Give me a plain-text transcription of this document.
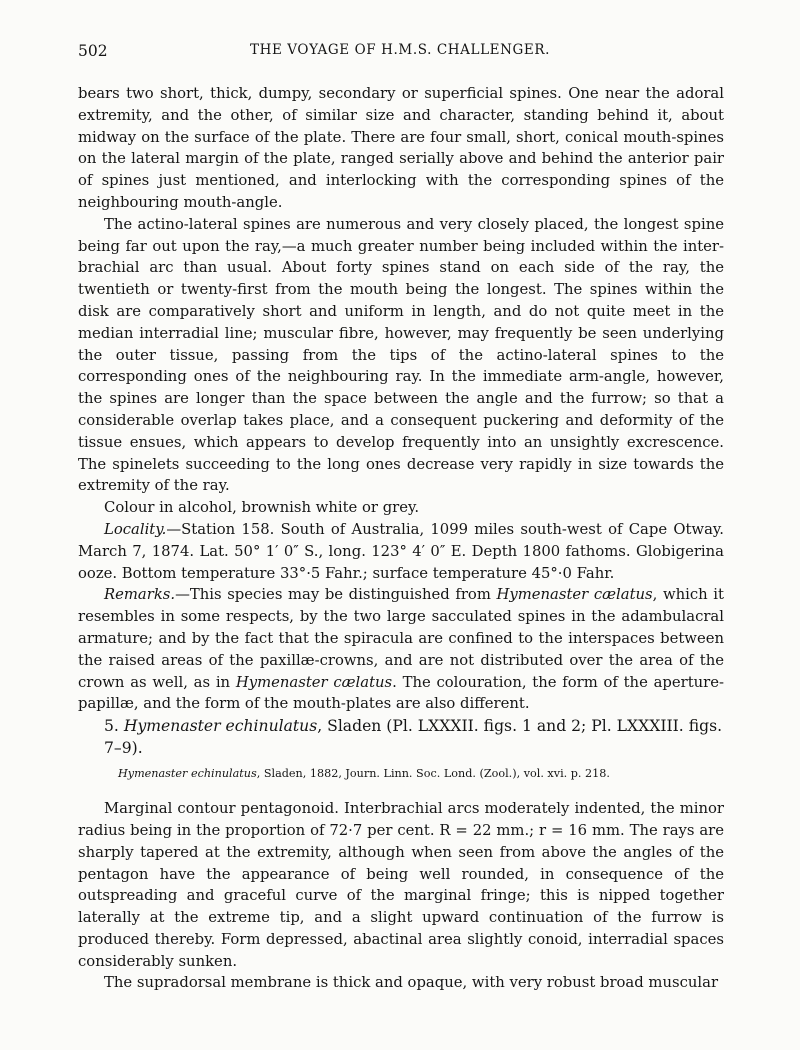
502	THE VOYAGE OF H.M.S. CHALLENGER.

bears two short, thick, dumpy, secondary or superficial spines. One near the adoral extremity, and the other, of similar size and character, standing behind it, about midway on the surface of the plate. There are four small, short, conical mouth-spines on the lateral margin of the plate, ranged serially above and behind the anterior pair of spines just mentioned, and interlocking with the corresponding spines of the neighbouring mouth-angle.

The actino-lateral spines are numerous and very closely placed, the longest spine being far out upon the ray,—a much greater number being included within the inter-brachial arc than usual. About forty spines stand on each side of the ray, the twentieth or twenty-first from the mouth being the longest. The spines within the disk are comparatively short and uniform in length, and do not quite meet in the median interradial line; muscular fibre, however, may frequently be seen underlying the outer tissue, passing from the tips of the actino-lateral spines to the corresponding ones of the neighbouring ray. In the immediate arm-angle, however, the spines are longer than the space between the angle and the furrow; so that a considerable overlap takes place, and a consequent puckering and deformity of the tissue ensues, which appears to develop frequently into an unsightly excrescence. The spinelets succeeding to the long ones decrease very rapidly in size towards the extremity of the ray.

Colour in alcohol, brownish white or grey.

Locality.—Station 158. South of Australia, 1099 miles south-west of Cape Otway. March 7, 1874. Lat. 50° 1′ 0″ S., long. 123° 4′ 0″ E. Depth 1800 fathoms. Globigerina ooze. Bottom temperature 33°·5 Fahr.; surface temperature 45°·0 Fahr.

Remarks.—This species may be distinguished from Hymenaster cælatus, which it resembles in some respects, by the two large sacculated spines in the adambulacral armature; and by the fact that the spiracula are confined to the interspaces between the raised areas of the paxillæ-crowns, and are not distributed over the area of the crown as well, as in Hymenaster cælatus. The colouration, the form of the aperture-papillæ, and the form of the mouth-plates are also different.

5. Hymenaster echinulatus, Sladen (Pl. LXXXII. figs. 1 and 2; Pl. LXXXIII. figs. 7–9).
Hymenaster echinulatus, Sladen, 1882, Journ. Linn. Soc. Lond. (Zool.), vol. xvi. p. 218.

Marginal contour pentagonoid. Interbrachial arcs moderately indented, the minor radius being in the proportion of 72·7 per cent. R = 22 mm.; r = 16 mm. The rays are sharply tapered at the extremity, although when seen from above the angles of the pentagon have the appearance of being well rounded, in consequence of the outspreading and graceful curve of the marginal fringe; this is nipped together laterally at the extreme tip, and a slight upward continuation of the furrow is produced thereby. Form depressed, abactinal area slightly conoid, interradial spaces considerably sunken.

The supradorsal membrane is thick and opaque, with very robust broad muscular
